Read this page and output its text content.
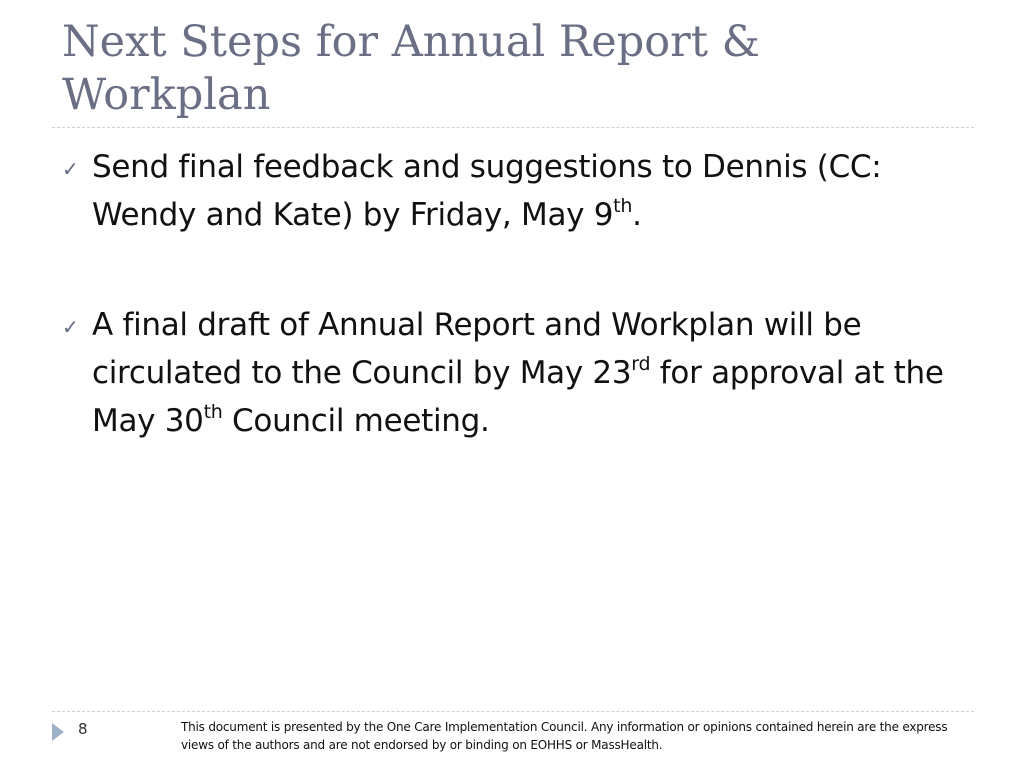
Next Steps for Annual Report & Workplan
✓ Send final feedback and suggestions to Dennis (CC: Wendy and Kate) by Friday, May 9th.
✓ A final draft of Annual Report and Workplan will be circulated to the Council by May 23rd for approval at the May 30th Council meeting.
8	This document is presented by the One Care Implementation Council. Any information or opinions contained herein are the express views of the authors and are not endorsed by or binding on EOHHS or MassHealth.
